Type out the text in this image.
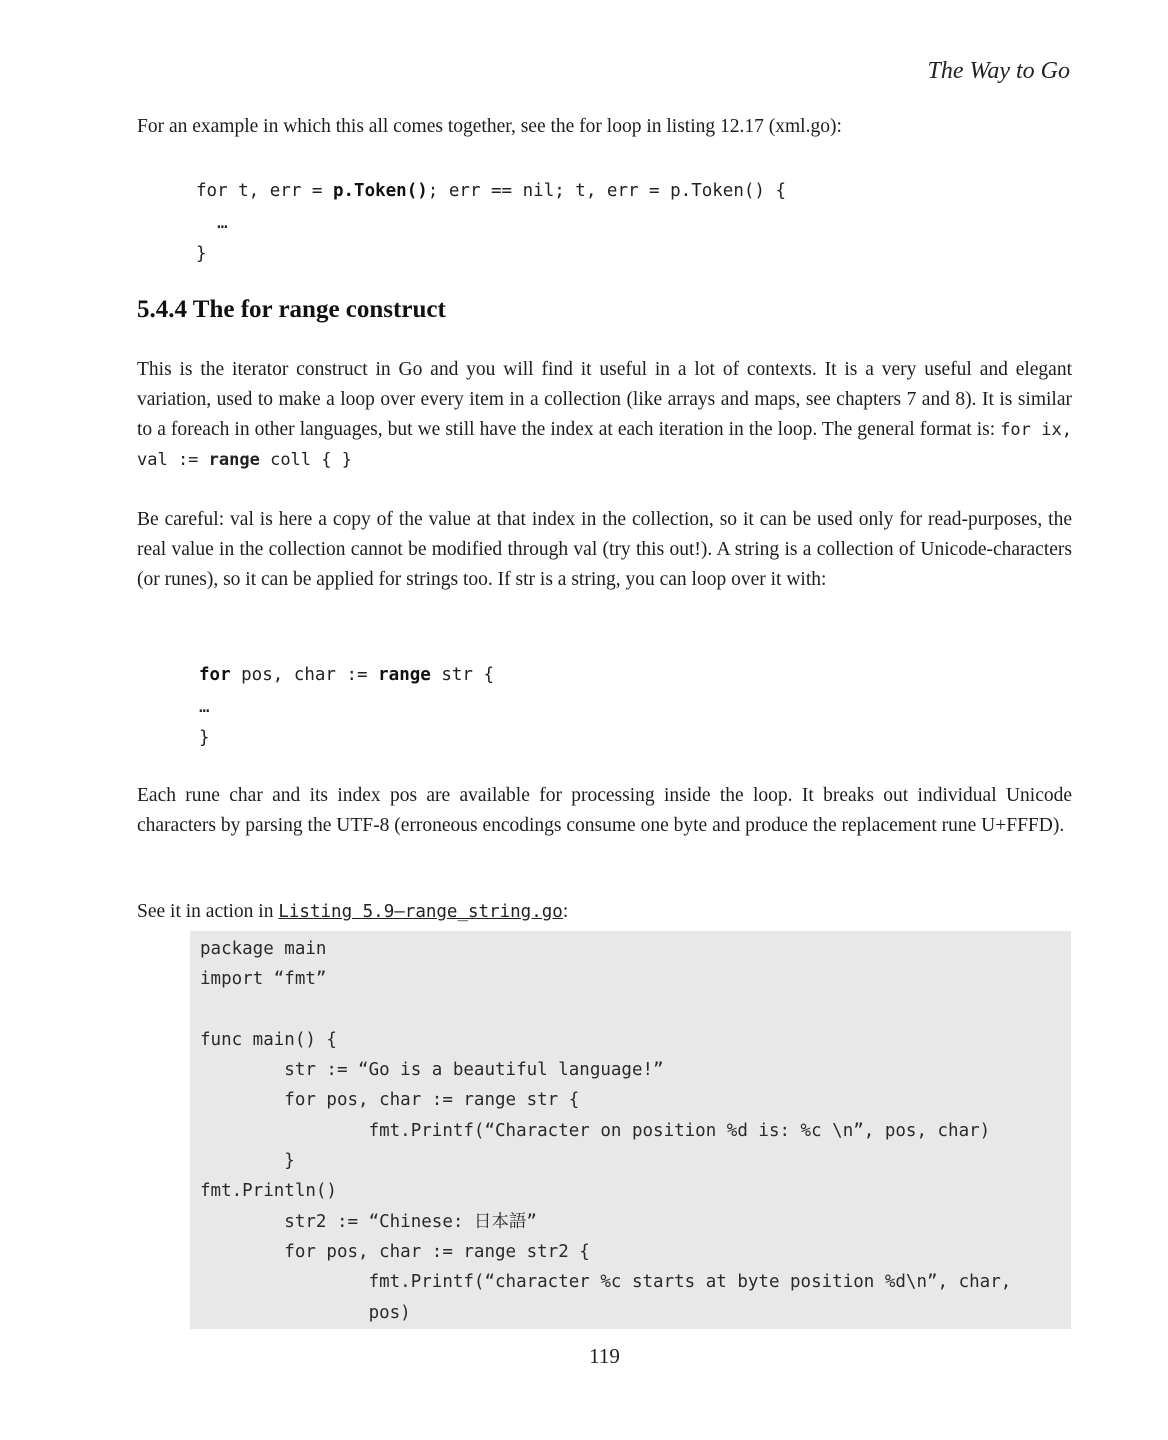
The Way to Go

For an example in which this all comes together, see the for loop in listing 12.17 (xml.go):

for t, err = p.Token(); err == nil; t, err = p.Token() {
…
}
5.4.4 The for range construct

This is the iterator construct in Go and you will find it useful in a lot of contexts. It is a very useful and elegant variation, used to make a loop over every item in a collection (like arrays and maps, see chapters 7 and 8). It is similar to a foreach in other languages, but we still have the index at each iteration in the loop. The general format is: for ix, val := range coll { }

Be careful: val is here a copy of the value at that index in the collection, so it can be used only for read-purposes, the real value in the collection cannot be modified through val (try this out!). A string is a collection of Unicode-characters (or runes), so it can be applied for strings too. If str is a string, you can loop over it with:

for pos, char := range str {
…
}

Each rune char and its index pos are available for processing inside the loop. It breaks out individual Unicode characters by parsing the UTF-8 (erroneous encodings consume one byte and produce the replacement rune U+FFFD).

See it in action in Listing 5.9—range_string.go:

package main
import “fmt”

func main() {
str := “Go is a beautiful language!”
for pos, char := range str {
fmt.Printf(“Character on position %d is: %c \n”, pos, char)
}
fmt.Println()
str2 := “Chinese: 日本語”
for pos, char := range str2 {
fmt.Printf(“character %c starts at byte position %d\n”, char,
pos)
119
